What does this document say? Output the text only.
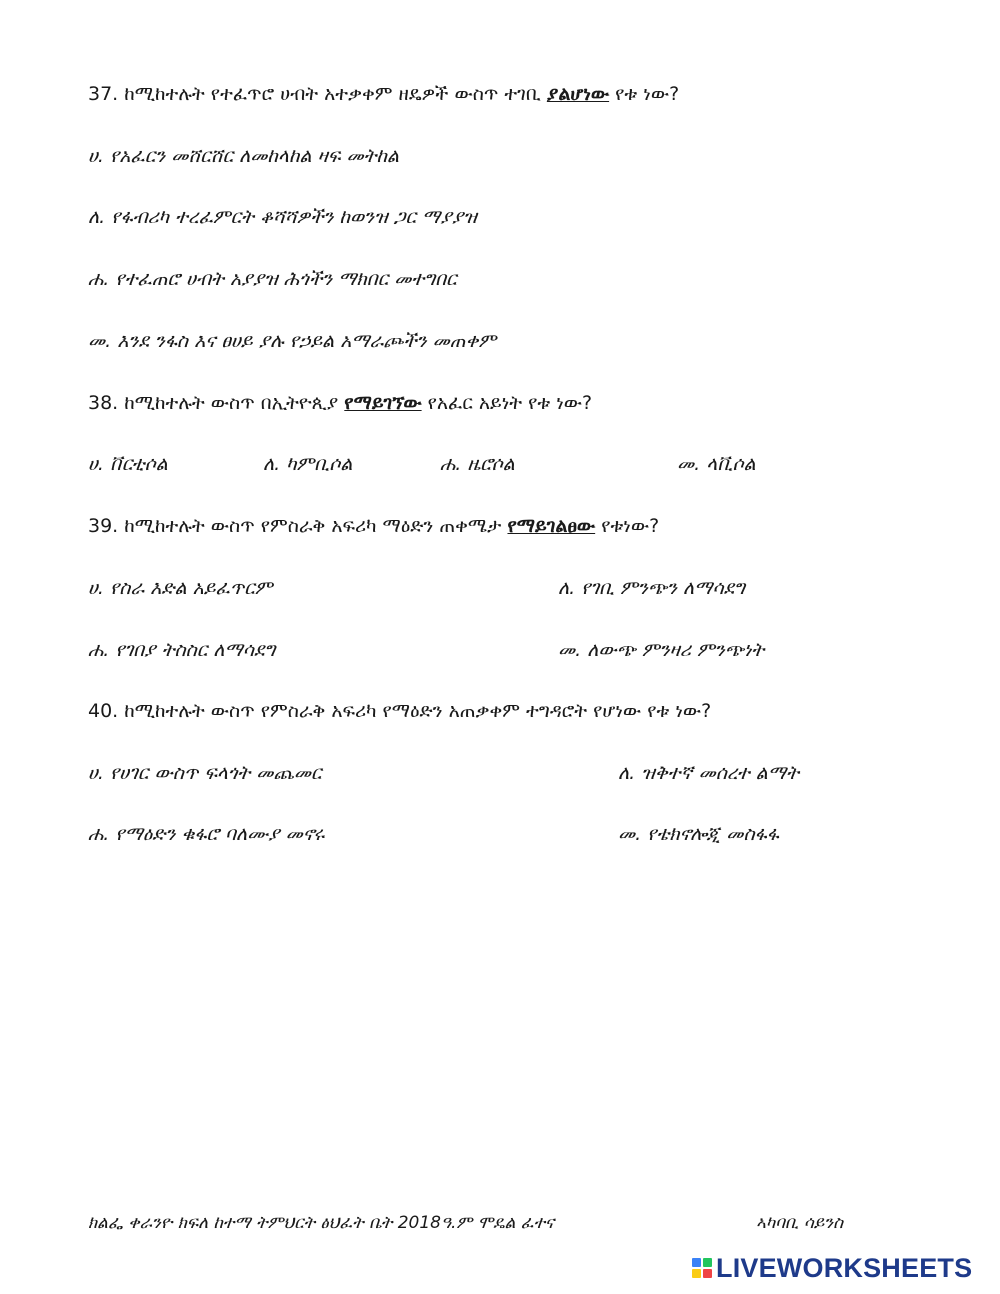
37. ከሚከተሉት የተፈጥሮ ሀብት አተቃቀም ዘዴዎች ውስጥ ተገቢ ያልሆነው የቱ ነው?
ሀ. የአፈርን መሸርሸር ለመከላከል ዛፍ መትከል
ለ. የፋብሪካ ተረፈምርት ቆሻሻዎችን ከወንዝ ጋር ማያያዝ
ሐ. የተፈጠሮ ሀብት አያያዝ ሕጎችን ማክበር መተግበር
መ. እንደ ንፋስ እና ፀሀይ ያሉ የኃይል አማራጮችን መጠቀም
38. ከሚከተሉት ውስጥ በኢትዮጲያ የማይገኘው የአፈር አይነት የቱ ነው?
ሀ. ቨርቲሶል	ለ. ካምቢሶል	ሐ. ዜሮሶል	መ. ላቪሶል
39. ከሚከተሉት ውስጥ የምስራቅ አፍሪካ ማዕድን ጠቀሜታ የማይገልፀው የቱነው?
ሀ. የስራ እድል አይፈጥርም	ለ. የገቢ ምንጭን ለማሳደግ
ሐ. የገበያ ትስስር ለማሳደግ	መ. ለውጭ ምንዛሪ ምንጭነት
40. ከሚከተሉት ውስጥ የምስራቅ አፍሪካ የማዕድን አጠቃቀም ተግዳሮት የሆነው የቱ ነው?
ሀ. የሀገር ውስጥ ፍላጎት መጨመር	ለ. ዝቅተኛ መሰረተ ልማት
ሐ. የማዕድን ቁፋሮ ባለሙያ መኖሩ	መ. የቴክኖሎጂ መስፋፋ
ክልፌ ቀራንዮ ክፍለ ከተማ ትምህርት ፅህፈት ቤት 2018ዓ.ም ሞዴል ፈተና	ኣካባቢ ሳይንስ
LIVEWORKSHEETS
